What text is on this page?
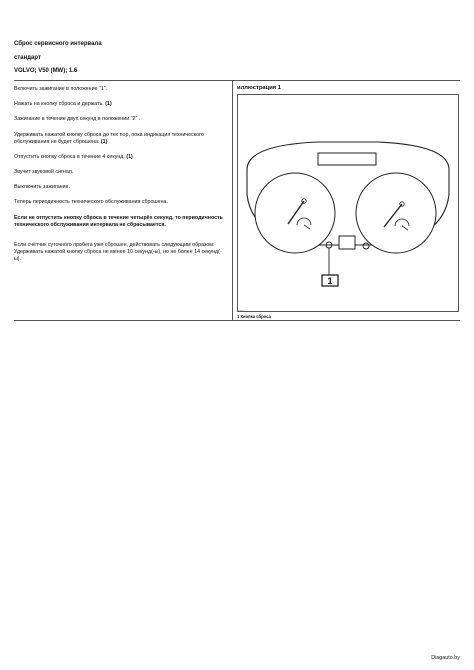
Сброс сервисного интервала
стандарт
VOLVO; V50 (MW); 1.6
Включить зажигание в положение "1".
Нажать на кнопку сброса и держать. (1)
Зажигание в течение двух секунд в положении "2" .
Удерживать нажатой кнопку сброса до тех пор, пока индикация технического обслуживания не будет сброшена. (1)
Отпустить кнопку сброса в течение 4 секунд. (1)
Звучит звуковой сигнал.
Выключить зажигание.
Теперь периодичность технического обслуживания сброшена.
Если не отпустить кнопку сброса в течение четырёх секунд, то периодичность технического обслуживания интервала не сбрасывается.
Если счётчик суточного пробега уже сброшен, действовать следующим образом: Удерживать нажатой кнопку сброса не менее 10 секунд(-ы), но не более 14 секунд(-ы).
иллюстрация 1
1
3062
1 Кнопка сброса
Diagauto.by
